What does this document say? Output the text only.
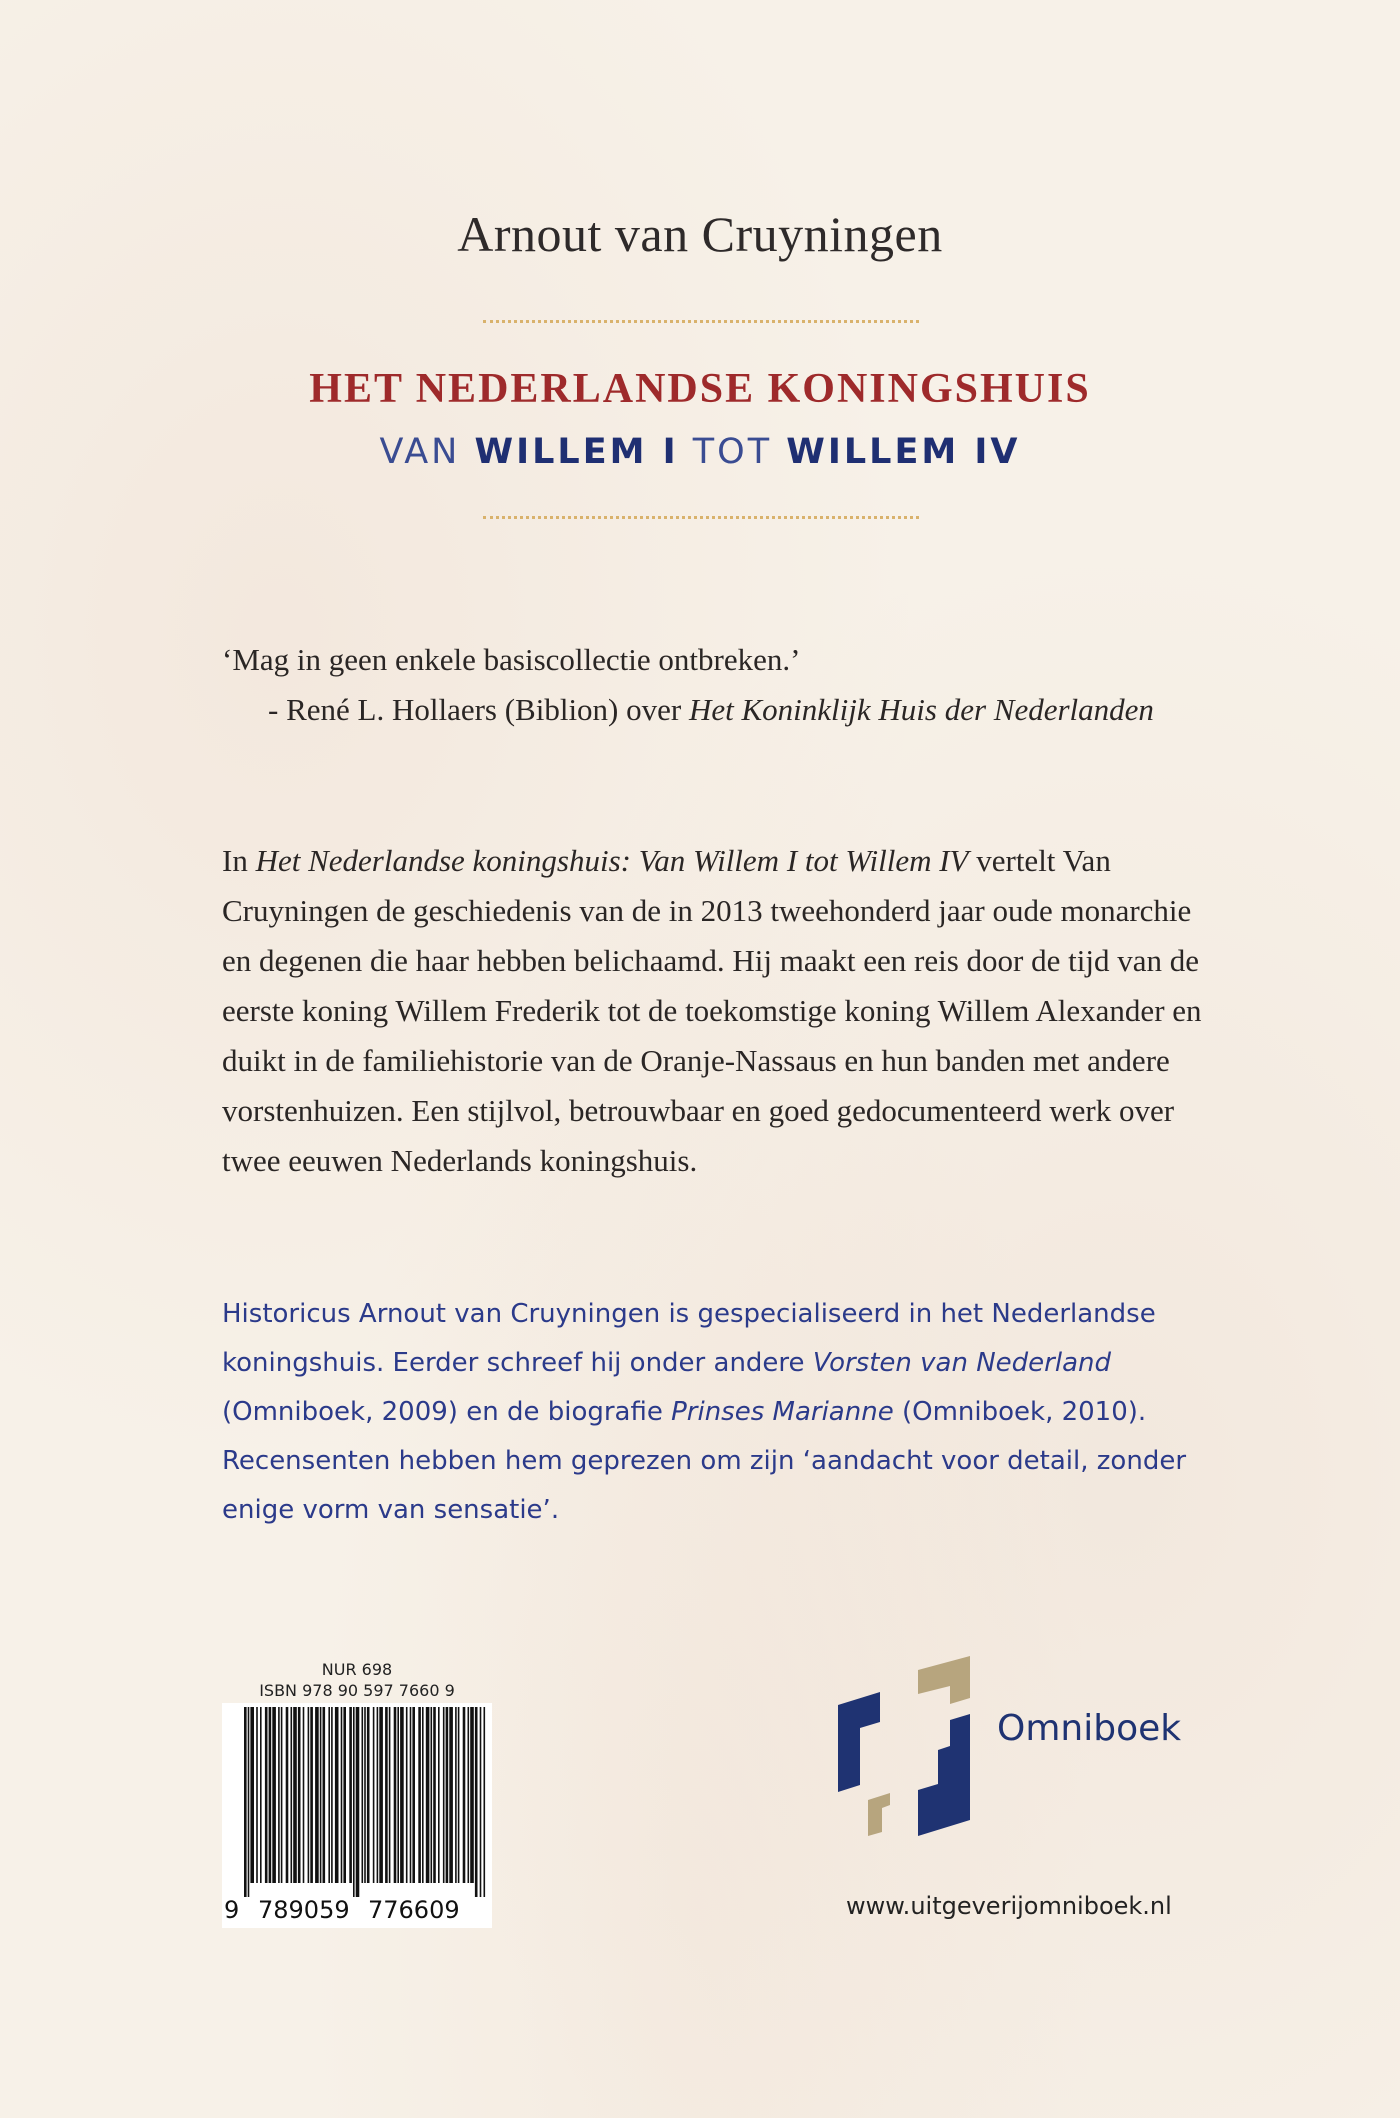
Arnout van Cruyningen
HET NEDERLANDSE KONINGSHUIS
VAN WILLEM I TOT WILLEM IV
‘Mag in geen enkele basiscollectie ontbreken.’
- René L. Hollaers (Biblion) over Het Koninklijk Huis der Nederlanden

In Het Nederlandse koningshuis: Van Willem I tot Willem IV vertelt Van Cruyningen de geschiedenis van de in 2013 tweehonderd jaar oude monarchie en degenen die haar hebben belichaamd. Hij maakt een reis door de tijd van de eerste koning Willem Frederik tot de toekomstige koning Willem Alexander en duikt in de familiehistorie van de Oranje-Nassaus en hun banden met andere vorstenhuizen. Een stijlvol, betrouwbaar en goed gedocumenteerd werk over twee eeuwen Nederlands koningshuis.

Historicus Arnout van Cruyningen is gespecialiseerd in het Nederlandse koningshuis. Eerder schreef hij onder andere Vorsten van Nederland (Omniboek, 2009) en de biografie Prinses Marianne (Omniboek, 2010). Recensenten hebben hem geprezen om zijn ‘aandacht voor detail, zonder enige vorm van sensatie’.

NUR 698
ISBN 978 90 597 7660 9
9 789059 776609
Omniboek
www.uitgeverijomniboek.nl
